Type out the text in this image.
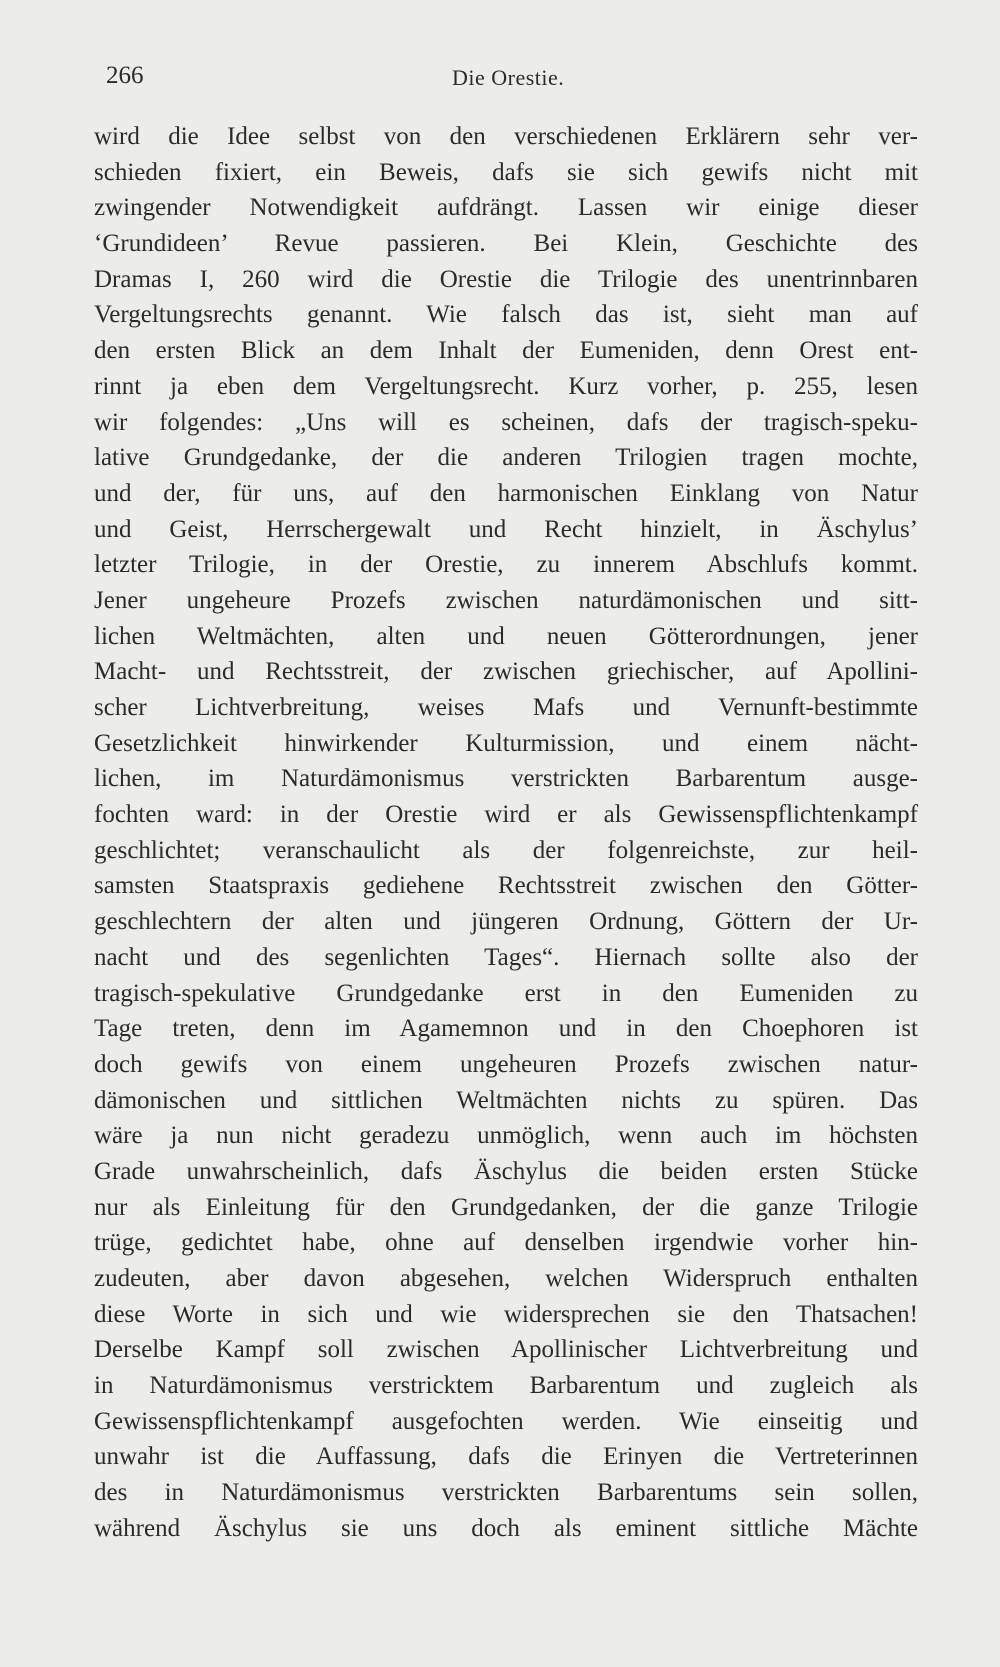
266	Die Orestie.
wird die Idee selbst von den verschiedenen Erklärern sehr ver-
schieden fixiert, ein Beweis, dafs sie sich gewifs nicht mit
zwingender Notwendigkeit aufdrängt. Lassen wir einige dieser
‘Grundideen’ Revue passieren. Bei Klein, Geschichte des
Dramas I, 260 wird die Orestie die Trilogie des unentrinnbaren
Vergeltungsrechts genannt. Wie falsch das ist, sieht man auf
den ersten Blick an dem Inhalt der Eumeniden, denn Orest ent-
rinnt ja eben dem Vergeltungsrecht. Kurz vorher, p. 255, lesen
wir folgendes: „Uns will es scheinen, dafs der tragisch-speku-
lative Grundgedanke, der die anderen Trilogien tragen mochte,
und der, für uns, auf den harmonischen Einklang von Natur
und Geist, Herrschergewalt und Recht hinzielt, in Äschylus’
letzter Trilogie, in der Orestie, zu innerem Abschlufs kommt.
Jener ungeheure Prozefs zwischen naturdämonischen und sitt-
lichen Weltmächten, alten und neuen Götterordnungen, jener
Macht- und Rechtsstreit, der zwischen griechischer, auf Apollini-
scher Lichtverbreitung, weises Mafs und Vernunft-bestimmte
Gesetzlichkeit hinwirkender Kulturmission, und einem nächt-
lichen, im Naturdämonismus verstrickten Barbarentum ausge-
fochten ward: in der Orestie wird er als Gewissenspflichtenkampf
geschlichtet; veranschaulicht als der folgenreichste, zur heil-
samsten Staatspraxis gediehene Rechtsstreit zwischen den Götter-
geschlechtern der alten und jüngeren Ordnung, Göttern der Ur-
nacht und des segenlichten Tages“. Hiernach sollte also der
tragisch-spekulative Grundgedanke erst in den Eumeniden zu
Tage treten, denn im Agamemnon und in den Choephoren ist
doch gewifs von einem ungeheuren Prozefs zwischen natur-
dämonischen und sittlichen Weltmächten nichts zu spüren. Das
wäre ja nun nicht geradezu unmöglich, wenn auch im höchsten
Grade unwahrscheinlich, dafs Äschylus die beiden ersten Stücke
nur als Einleitung für den Grundgedanken, der die ganze Trilogie
trüge, gedichtet habe, ohne auf denselben irgendwie vorher hin-
zudeuten, aber davon abgesehen, welchen Widerspruch enthalten
diese Worte in sich und wie widersprechen sie den Thatsachen!
Derselbe Kampf soll zwischen Apollinischer Lichtverbreitung und
in Naturdämonismus verstricktem Barbarentum und zugleich als
Gewissenspflichtenkampf ausgefochten werden. Wie einseitig und
unwahr ist die Auffassung, dafs die Erinyen die Vertreterinnen
des in Naturdämonismus verstrickten Barbarentums sein sollen,
während Äschylus sie uns doch als eminent sittliche Mächte
